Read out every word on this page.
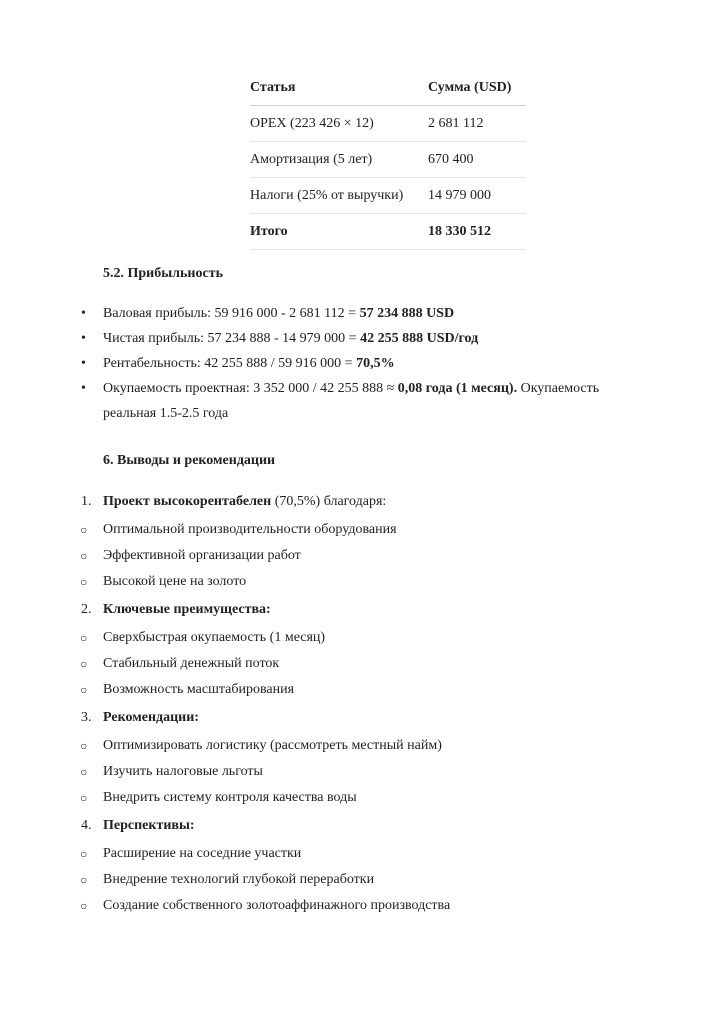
Статья	Сумма (USD)
OPEX (223 426 × 12)	2 681 112
Амортизация (5 лет)	670 400
Налоги (25% от выручки)	14 979 000
Итого	18 330 512
5.2. Прибыльность
• Валовая прибыль: 59 916 000 - 2 681 112 = 57 234 888 USD
• Чистая прибыль: 57 234 888 - 14 979 000 = 42 255 888 USD/год
• Рентабельность: 42 255 888 / 59 916 000 = 70,5%
• Окупаемость проектная: 3 352 000 / 42 255 888 ≈ 0,08 года (1 месяц). Окупаемость реальная 1.5-2.5 года
6. Выводы и рекомендации
1. Проект высокорентабелен (70,5%) благодаря:
○ Оптимальной производительности оборудования
○ Эффективной организации работ
○ Высокой цене на золото
2. Ключевые преимущества:
○ Сверхбыстрая окупаемость (1 месяц)
○ Стабильный денежный поток
○ Возможность масштабирования
3. Рекомендации:
○ Оптимизировать логистику (рассмотреть местный найм)
○ Изучить налоговые льготы
○ Внедрить систему контроля качества воды
4. Перспективы:
○ Расширение на соседние участки
○ Внедрение технологий глубокой переработки
○ Создание собственного золотоаффинажного производства
